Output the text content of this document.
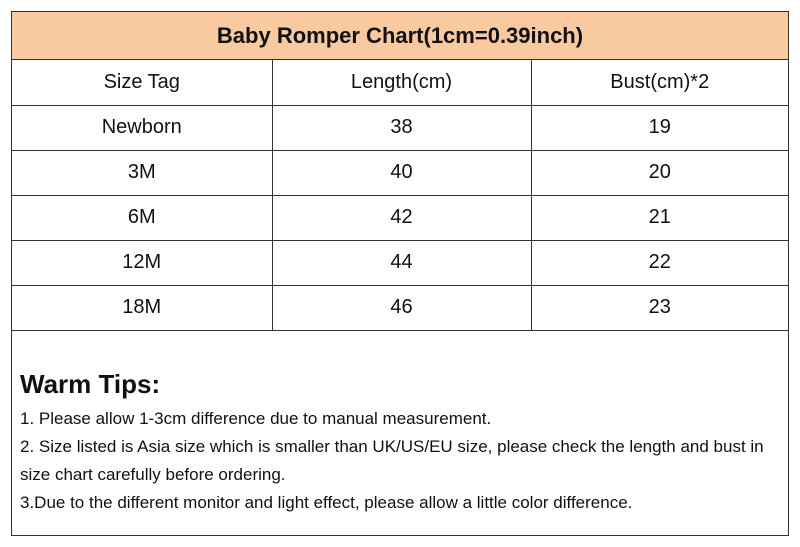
Baby Romper Chart(1cm=0.39inch)
Size Tag	Length(cm)	Bust(cm)*2
Newborn	38	19
3M	40	20
6M	42	21
12M	44	22
18M	46	23

Warm Tips:

1. Please allow 1-3cm difference due to manual measurement.

2. Size listed is Asia size which is smaller than UK/US/EU size, please check the length and bust in size chart carefully before ordering.

3.Due to the different monitor and light effect, please allow a little color difference.
